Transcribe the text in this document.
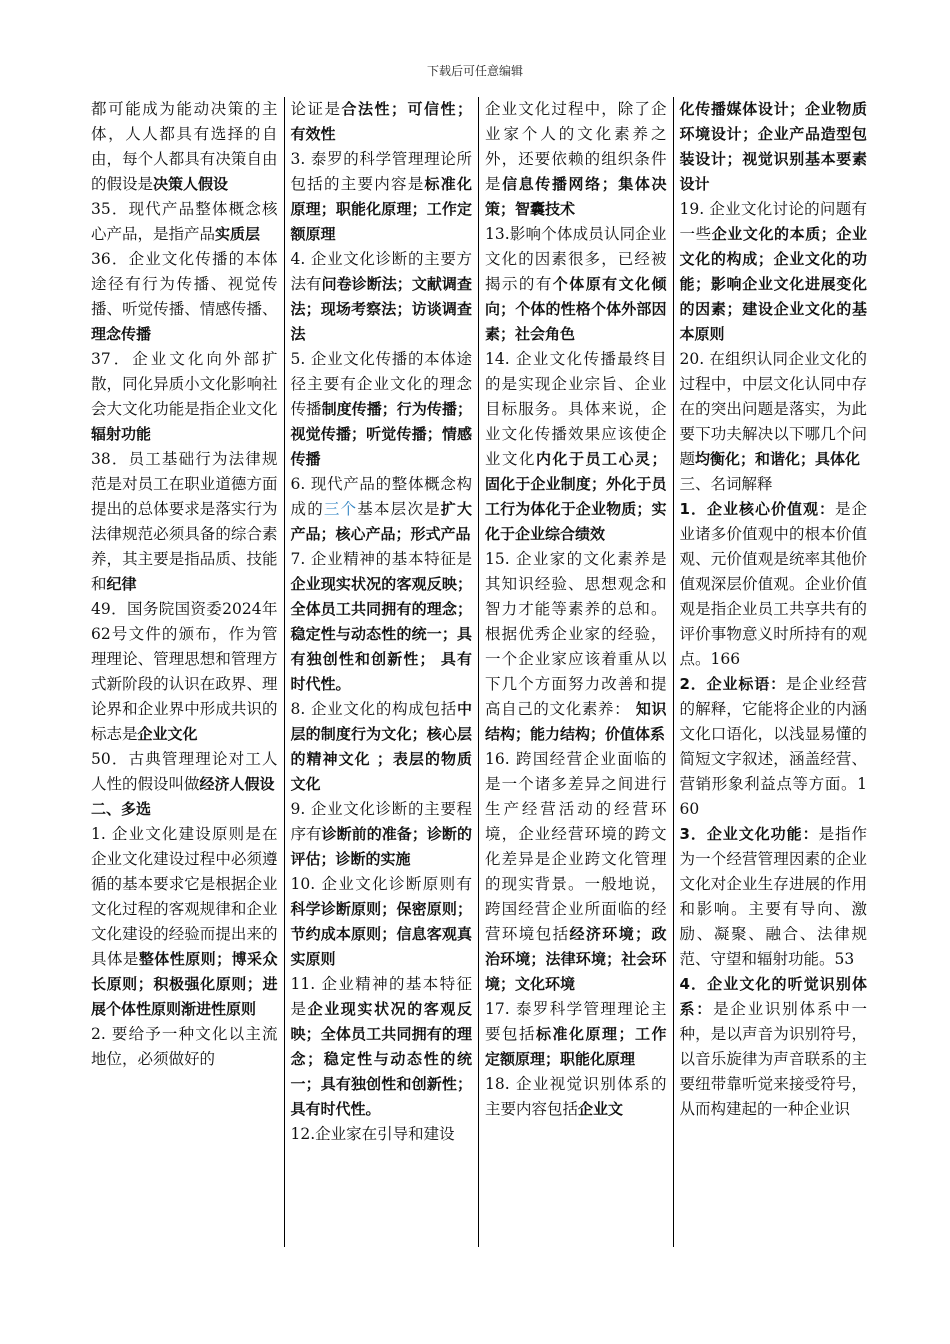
下载后可任意编辑

都可能成为能动决策的主体，人人都具有选择的自由，每个人都具有决策自由的假设是决策人假设

35．现代产品整体概念核心产品，是指产品实质层

36．企业文化传播的本体途径有行为传播、视觉传播、听觉传播、情感传播、理念传播

37．企业文化向外部扩散，同化异质小文化影响社会大文化功能是指企业文化辐射功能

38．员工基础行为法律规范是对员工在职业道德方面提出的总体要求是落实行为法律规范必须具备的综合素养，其主要是指品质、技能和纪律

49．国务院国资委2024年62号文件的颁布，作为管理理论、管理思想和管理方式新阶段的认识在政界、理论界和企业界中形成共识的标志是企业文化

50．古典管理理论对工人人性的假设叫做经济人假设

二、多选

1. 企业文化建设原则是在企业文化建设过程中必须遵循的基本要求它是根据企业文化过程的客观规律和企业文化建设的经验而提出来的具体是整体性原则；博采众长原则；积极强化原则；进展个体性原则渐进性原则

2. 要给予一种文化以主流地位，必须做好的

论证是合法性；可信性；有效性

3. 泰罗的科学管理理论所包括的主要内容是标准化原理；职能化原理；工作定额原理

4. 企业文化诊断的主要方法有问卷诊断法；文献调查法；现场考察法；访谈调查法

5. 企业文化传播的本体途径主要有企业文化的理念传播制度传播；行为传播；视觉传播；听觉传播；情感传播

6. 现代产品的整体概念构成的三个基本层次是扩大产品；核心产品；形式产品

7. 企业精神的基本特征是企业现实状况的客观反映；全体员工共同拥有的理念；稳定性与动态性的统一；具有独创性和创新性； 具有时代性。

8. 企业文化的构成包括中层的制度行为文化；核心层的精神文化 ；表层的物质文化

9. 企业文化诊断的主要程序有诊断前的准备；诊断的评估；诊断的实施

10. 企业文化诊断原则有科学诊断原则；保密原则；节约成本原则；信息客观真实原则

11. 企业精神的基本特征是企业现实状况的客观反映；全体员工共同拥有的理念；稳定性与动态性的统一；具有独创性和创新性；具有时代性。

12.企业家在引导和建设

企业文化过程中，除了企业家个人的文化素养之外，还要依赖的组织条件是信息传播网络；集体决策；智囊技术

13.影响个体成员认同企业文化的因素很多，已经被揭示的有个体原有文化倾向；个体的性格个体外部因素；社会角色

14. 企业文化传播最终目的是实现企业宗旨、企业目标服务。具体来说，企业文化传播效果应该使企业文化内化于员工心灵；固化于企业制度；外化于员工行为体化于企业物质；实化于企业综合绩效

15. 企业家的文化素养是其知识经验、思想观念和智力才能等素养的总和。根据优秀企业家的经验，一个企业家应该着重从以下几个方面努力改善和提高自己的文化素养： 知识结构；能力结构；价值体系

16. 跨国经营企业面临的是一个诸多差异之间进行生产经营活动的经营环境，企业经营环境的跨文化差异是企业跨文化管理的现实背景。一般地说，跨国经营企业所面临的经营环境包括经济环境；政治环境；法律环境；社会环境；文化环境

17. 泰罗科学管理理论主要包括标准化原理；工作定额原理；职能化原理

18. 企业视觉识别体系的主要内容包括企业文

化传播媒体设计；企业物质环境设计；企业产品造型包装设计；视觉识别基本要素设计

19. 企业文化讨论的问题有一些企业文化的本质；企业文化的构成；企业文化的功能；影响企业文化进展变化的因素；建设企业文化的基本原则

20. 在组织认同企业文化的过程中，中层文化认同中存在的突出问题是落实，为此要下功夫解决以下哪几个问题均衡化；和谐化；具体化

三、名词解释

1．企业核心价值观：是企业诸多价值观中的根本价值观、元价值观是统率其他价值观深层价值观。企业价值观是指企业员工共享共有的评价事物意义时所持有的观点。166

2．企业标语：是企业经营的解释，它能将企业的内涵文化口语化，以浅显易懂的简短文字叙述，涵盖经营、营销形象利益点等方面。160

3．企业文化功能：是指作为一个经营管理因素的企业文化对企业生存进展的作用和影响。主要有导向、激励、凝聚、融合、法律规范、守望和辐射功能。53

4．企业文化的听觉识别体系：是企业识别体系中一种，是以声音为识别符号，以音乐旋律为声音联系的主要纽带靠听觉来接受符号，从而构建起的一种企业识
